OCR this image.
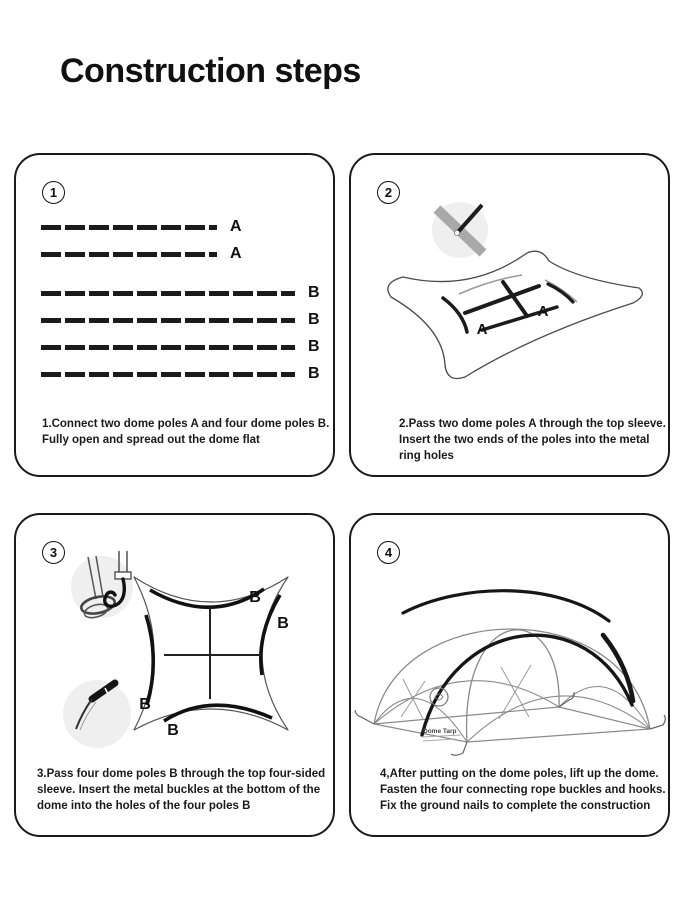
Construction steps
1
A
A
B
B
B
B
1.Connect two dome poles A and four dome poles B.
Fully open and spread out the dome flat
A
A
2
2.Pass two dome poles A through the top sleeve.
Insert the two ends of the poles into the metal
ring holes
B
B
B
B
3
3.Pass four dome poles B through the top four-sided
sleeve. Insert the metal buckles at the bottom of the
dome into the holes of the four poles B
Dome Tarp
4
4,After putting on the dome poles, lift up the dome.
Fasten the four connecting rope buckles and hooks.
Fix the ground nails to complete the construction
